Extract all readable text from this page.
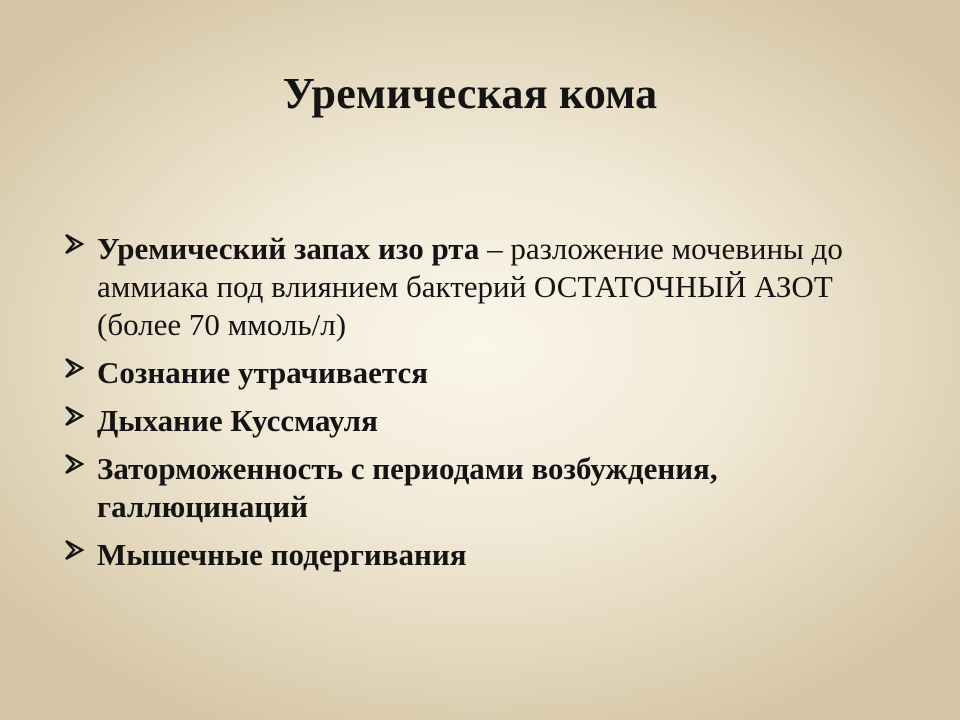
Уремическая кома
Уремический запах изо рта – разложение мочевины до аммиака под влиянием бактерий ОСТАТОЧНЫЙ АЗОТ (более 70 ммоль/л)
Сознание утрачивается
Дыхание Куссмауля
Заторможенность с периодами возбуждения, галлюцинаций
Мышечные подергивания
